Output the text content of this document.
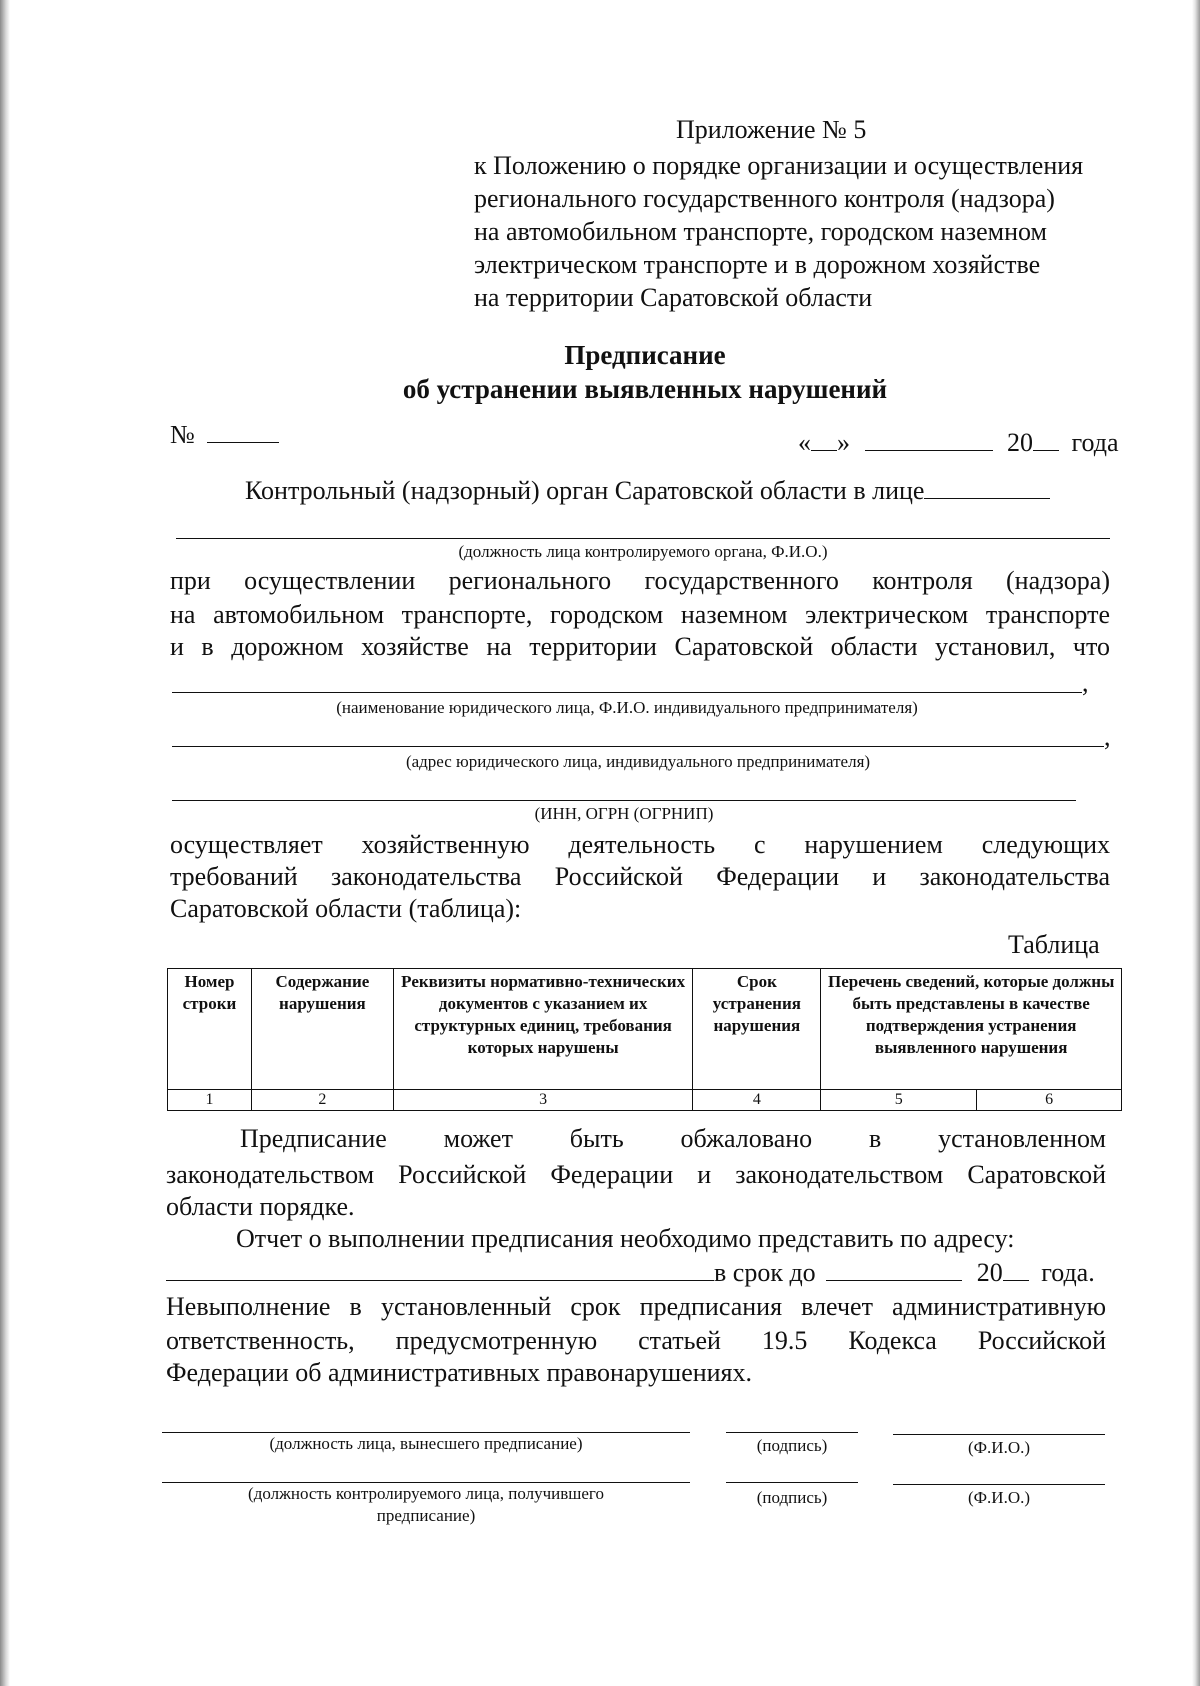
Приложение № 5
к Положению о порядке организации и осуществления
регионального государственного контроля (надзора)
на автомобильном транспорте, городском наземном
электрическом транспорте и в дорожном хозяйстве
на территории Саратовской области
Предписание
об устранении выявленных нарушений
№	« »	20 года
Контрольный (надзорный) орган Саратовской области в лице
(должность лица контролируемого органа, Ф.И.О.)
при осуществлении регионального государственного контроля (надзора)
на автомобильном транспорте, городском наземном электрическом транспорте
и в дорожном хозяйстве на территории Саратовской области установил, что
,
(наименование юридического лица, Ф.И.О. индивидуального предпринимателя)
,
(адрес юридического лица, индивидуального предпринимателя)
(ИНН, ОГРН (ОГРНИП)
осуществляет хозяйственную деятельность с нарушением следующих
требований законодательства Российской Федерации и законодательства
Саратовской области (таблица):
Таблица
Номер строки	Содержание нарушения	Реквизиты нормативно-технических документов с указанием их структурных единиц, требования которых нарушены	Срок устранения нарушения	Перечень сведений, которые должны быть представлены в качестве подтверждения устранения выявленного нарушения	
1	2	3	4	5	6
Предписание может быть обжаловано в установленном
законодательством Российской Федерации и законодательством Саратовской
области порядке.
Отчет о выполнении предписания необходимо представить по адресу:
в срок до	20 года.
Невыполнение в установленный срок предписания влечет административную
ответственность, предусмотренную статьей 19.5 Кодекса Российской
Федерации об административных правонарушениях.
(должность лица, вынесшего предписание)	(подпись)	(Ф.И.О.)
(должность контролируемого лица, получившего
предписание)
(подпись)	(Ф.И.О.)
